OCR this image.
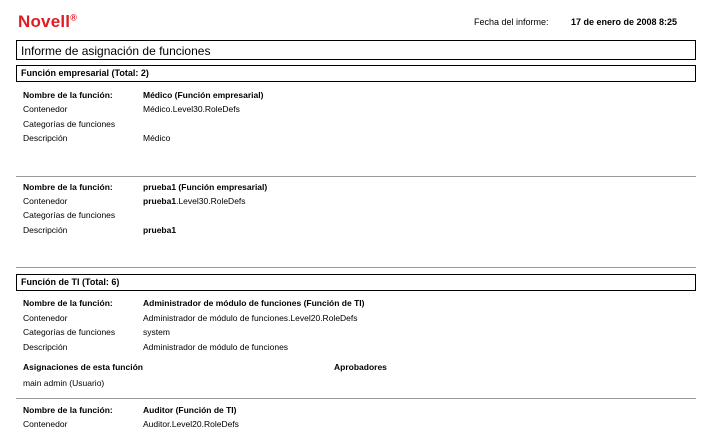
Novell®	Fecha del informe: 17 de enero de 2008 8:25
Informe de asignación de funciones
Función empresarial (Total: 2)
Nombre de la función:	Médico (Función empresarial)
Contenedor	Médico.Level30.RoleDefs
Categorías de funciones
Descripción	Médico
Nombre de la función:	prueba1 (Función empresarial)
Contenedor	prueba1.Level30.RoleDefs
Categorías de funciones
Descripción	prueba1
Función de TI (Total: 6)
Nombre de la función:	Administrador de módulo de funciones (Función de TI)
Contenedor	Administrador de módulo de funciones.Level20.RoleDefs
Categorías de funciones	system
Descripción	Administrador de módulo de funciones
Asignaciones de esta función	Aprobadores
main admin (Usuario)
Nombre de la función:	Auditor (Función de TI)
Contenedor	Auditor.Level20.RoleDefs
